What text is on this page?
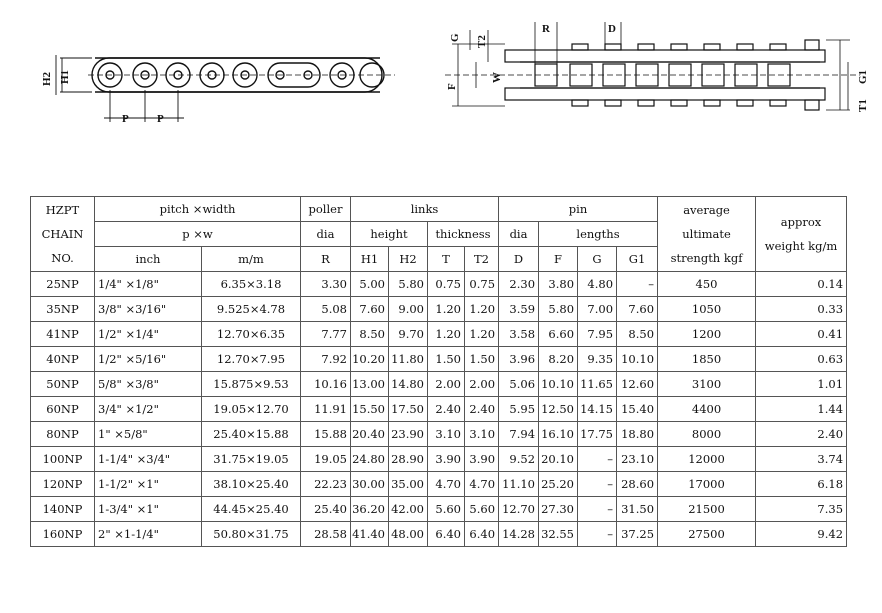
H2 H1
P	P
G T2
R	D
W
F
G1
T1
HZPT
CHAIN
NO.	pitch ×width		poller	links				pin				average
ultimate
strength kgf	approx
weight kg/m

	p ×w		dia	height		thickness		dia	lengths				
	inch	m/m	R	H1	H2	T	T2	D	F	G	G1		
25NP	1/4" ×1/8"	6.35×3.18	3.30	5.00	5.80	0.75	0.75	2.30	3.80	4.80	–	450	0.14
35NP	3/8" ×3/16"	9.525×4.78	5.08	7.60	9.00	1.20	1.20	3.59	5.80	7.00	7.60	1050	0.33
41NP	1/2" ×1/4"	12.70×6.35	7.77	8.50	9.70	1.20	1.20	3.58	6.60	7.95	8.50	1200	0.41
40NP	1/2" ×5/16"	12.70×7.95	7.92	10.20	11.80	1.50	1.50	3.96	8.20	9.35	10.10	1850	0.63
50NP	5/8" ×3/8"	15.875×9.53	10.16	13.00	14.80	2.00	2.00	5.06	10.10	11.65	12.60	3100	1.01
60NP	3/4" ×1/2"	19.05×12.70	11.91	15.50	17.50	2.40	2.40	5.95	12.50	14.15	15.40	4400	1.44
80NP	1" ×5/8"	25.40×15.88	15.88	20.40	23.90	3.10	3.10	7.94	16.10	17.75	18.80	8000	2.40
100NP	1-1/4" ×3/4"	31.75×19.05	19.05	24.80	28.90	3.90	3.90	9.52	20.10	–	23.10	12000	3.74
120NP	1-1/2" ×1"	38.10×25.40	22.23	30.00	35.00	4.70	4.70	11.10	25.20	–	28.60	17000	6.18
140NP	1-3/4" ×1"	44.45×25.40	25.40	36.20	42.00	5.60	5.60	12.70	27.30	–	31.50	21500	7.35
160NP	2" ×1-1/4"	50.80×31.75	28.58	41.40	48.00	6.40	6.40	14.28	32.55	–	37.25	27500	9.42
